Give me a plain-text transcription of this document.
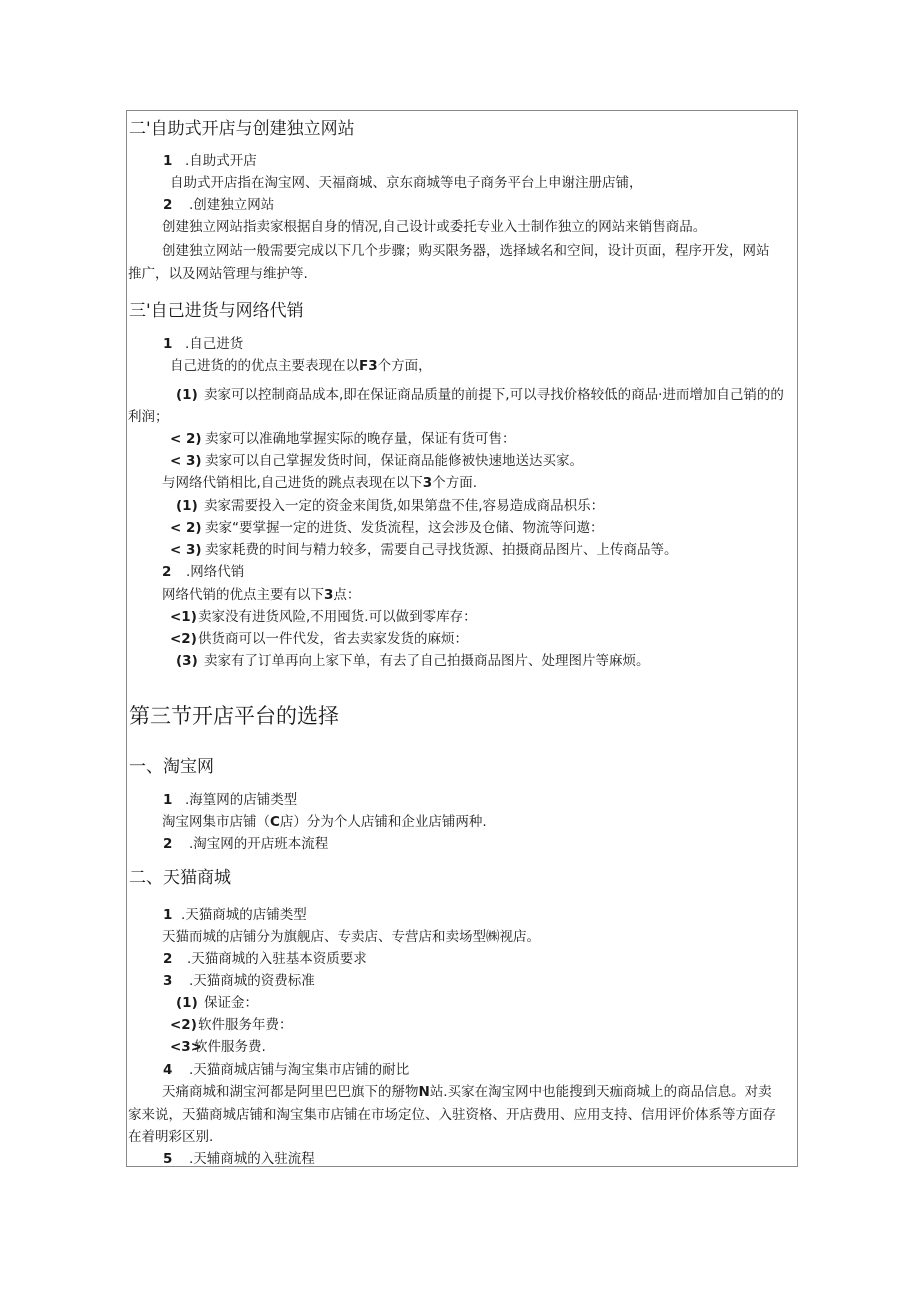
二'自助式开店与创建独立网站
1 .自助式开店
自助式开店指在淘宝网、天福商城、京东商城等电子商务平台上申谢注册店铺，
2 .创建独立网站
创建独立网站指卖家根据自身的情况,自己设计或委托专业入士制作独立的网站来销售商品。
创建独立网站一般需要完成以下几个步骤；购买限务器，选择域名和空间，设计页面，程序开发，网站
推广，以及网站管理与维护等.
三'自己进货与网络代销
1 .自己进货
自己进货的的优点主要表现在以F3个方面，
(1) 卖家可以控制商品成本,即在保证商品质量的前提下,可以寻找价格较低的商品·进而增加自己销的的
利润；
< 2) 卖家可以准确地掌握实际的晚存量，保证有货可售：
< 3) 卖家可以自己掌握发货时间，保证商品能修被快速地送达买家。
与网络代销相比,自己进货的跳点表现在以下3个方面.
(1) 卖家需要投入一定的资金来闺货,如果第盘不佳,容易造成商品枳乐：
< 2) 卖家“要掌握一定的进货、发货流程，这会涉及仓储、物流等问遨：
< 3) 卖家耗费的时间与精力较多，需要自己寻找货源、拍摄商品图片、上传商品等。
2 .网络代销
网络代销的优点主要有以下3点：
<1)卖家没有进货风险,不用囤货.可以做到零库存：
<2)供货商可以一件代发，省去卖家发货的麻烦：
(3) 卖家有了订单再向上家下单，有去了自己拍摄商品图片、处理图片等麻烦。
第三节开店平台的选择
一、淘宝网
1 .海篁网的店铺类型
淘宝网集市店铺（C店）分为个人店铺和企业店铺两种.
2 .淘宝网的开店班本流程
二、天猫商城
1 .天猫商城的店铺类型
天猫而城的店铺分为旗舰店、专卖店、专营店和卖场型㈱视店。
2 .天猫商城的入驻基本资质要求
3 .天猫商城的资费标准
(1) 保证金：
<2)软件服务年费：
<3>软件服务费.
4 .天猫商城店铺与淘宝集市店铺的耐比
天痛商城和湖宝河都是阿里巴巴旗下的掰物N站.买家在淘宝网中也能搜到天痂商城上的商品信息。对卖
家来说，天猫商城店铺和淘宝集市店铺在市场定位、入驻资格、开店费用、应用支持、信用评价体系等方面存
在着明彩区别.
5 .天辅商城的入驻流程
